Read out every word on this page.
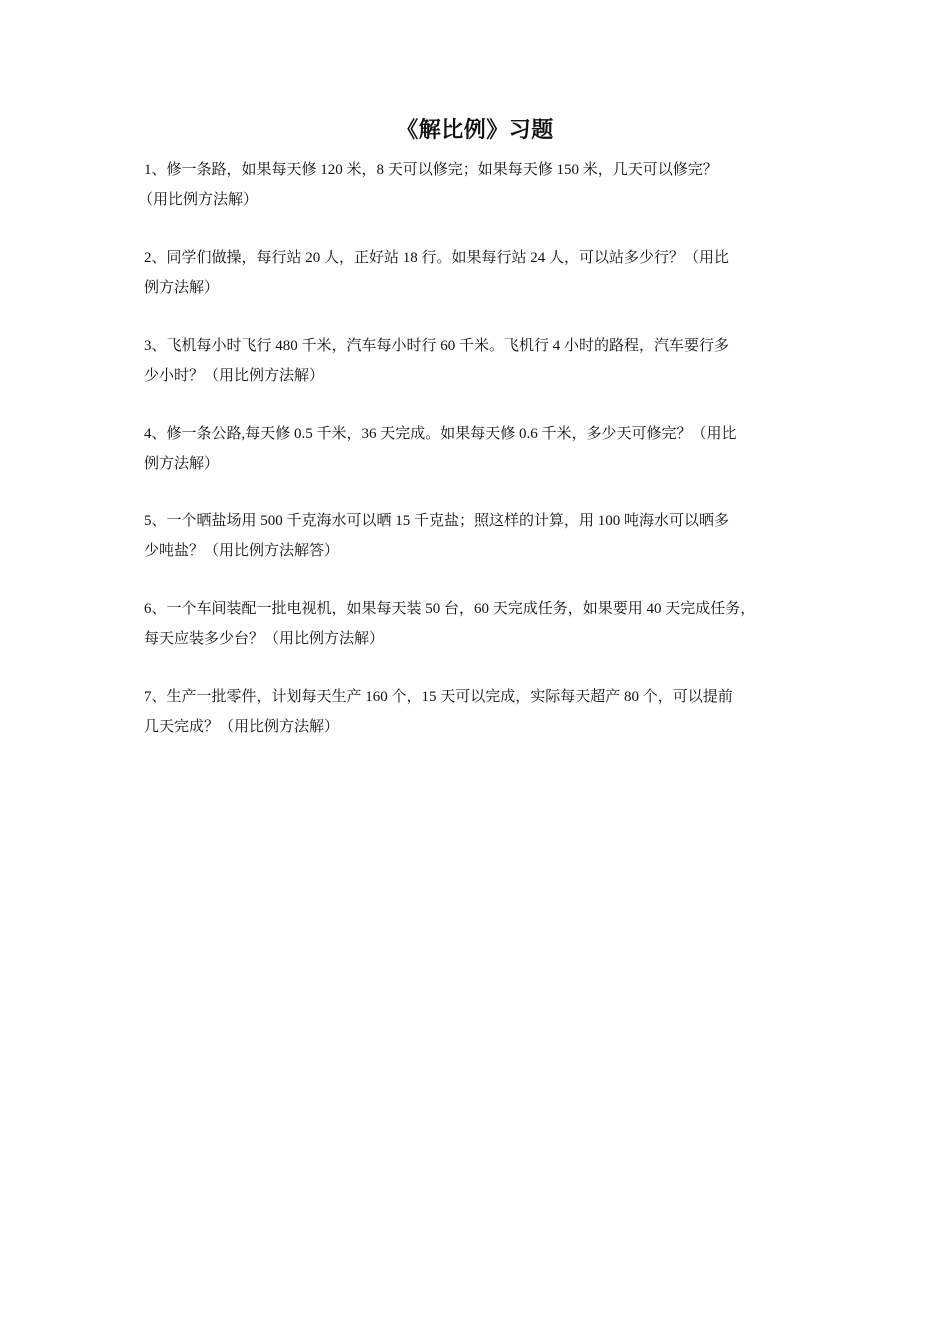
《解比例》习题
1、修一条路，如果每天修 120 米，8 天可以修完；如果每天修 150 米，几天可以修完？
（用比例方法解）
2、同学们做操，每行站 20 人，正好站 18 行。如果每行站 24 人，可以站多少行？（用比
例方法解）
3、飞机每小时飞行 480 千米，汽车每小时行 60 千米。飞机行 4 小时的路程，汽车要行多
少小时？（用比例方法解）
4、修一条公路,每天修 0.5 千米，36 天完成。如果每天修 0.6 千米，多少天可修完？（用比
例方法解）
5、一个晒盐场用 500 千克海水可以晒 15 千克盐；照这样的计算，用 100 吨海水可以晒多
少吨盐？（用比例方法解答）
6、一个车间装配一批电视机，如果每天装 50 台，60 天完成任务，如果要用 40 天完成任务，
每天应装多少台？（用比例方法解）
7、生产一批零件，计划每天生产 160 个，15 天可以完成，实际每天超产 80 个，可以提前
几天完成？（用比例方法解）
